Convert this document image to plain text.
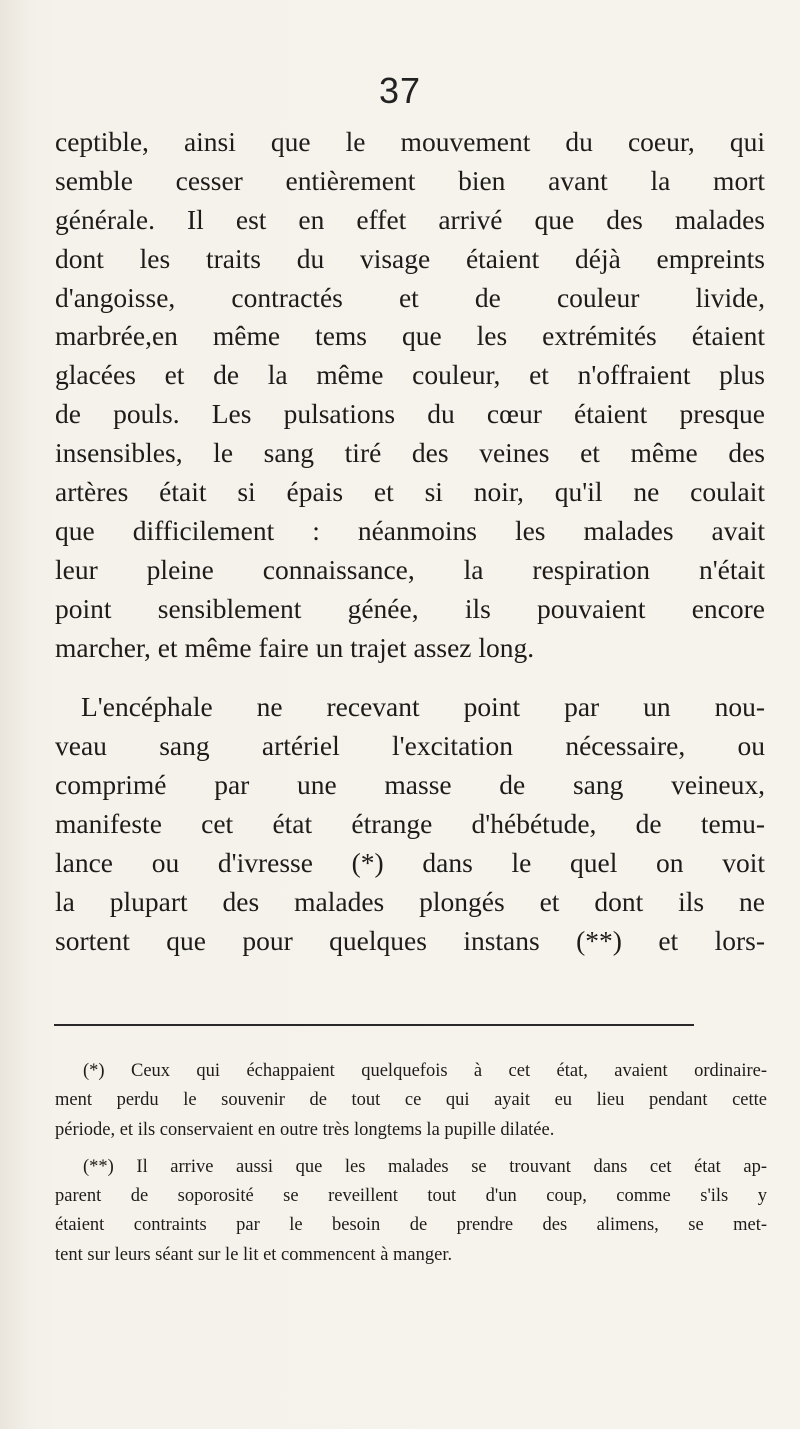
37
ceptible, ainsi que le mouvement du coeur, qui
semble cesser entièrement bien avant la mort
générale. Il est en effet arrivé que des malades
dont les traits du visage étaient déjà empreints
d'angoisse, contractés et de couleur livide,
marbrée,en même tems que les extrémités étaient
glacées et de la même couleur, et n'offraient plus
de pouls. Les pulsations du cœur étaient presque
insensibles, le sang tiré des veines et même des
artères était si épais et si noir, qu'il ne coulait
que difficilement : néanmoins les malades avait
leur pleine connaissance, la respiration n'était
point sensiblement génée, ils pouvaient encore
marcher, et même faire un trajet assez long.
L'encéphale ne recevant point par un nou-
veau sang artériel l'excitation nécessaire, ou
comprimé par une masse de sang veineux,
manifeste cet état étrange d'hébétude, de temu-
lance ou d'ivresse (*) dans le quel on voit
la plupart des malades plongés et dont ils ne
sortent que pour quelques instans (**) et lors-
(*) Ceux qui échappaient quelquefois à cet état, avaient ordinaire-
ment perdu le souvenir de tout ce qui ayait eu lieu pendant cette
période, et ils conservaient en outre très longtems la pupille dilatée.
(**) Il arrive aussi que les malades se trouvant dans cet état ap-
parent de soporosité se reveillent tout d'un coup, comme s'ils y
étaient contraints par le besoin de prendre des alimens, se met-
tent sur leurs séant sur le lit et commencent à manger.
